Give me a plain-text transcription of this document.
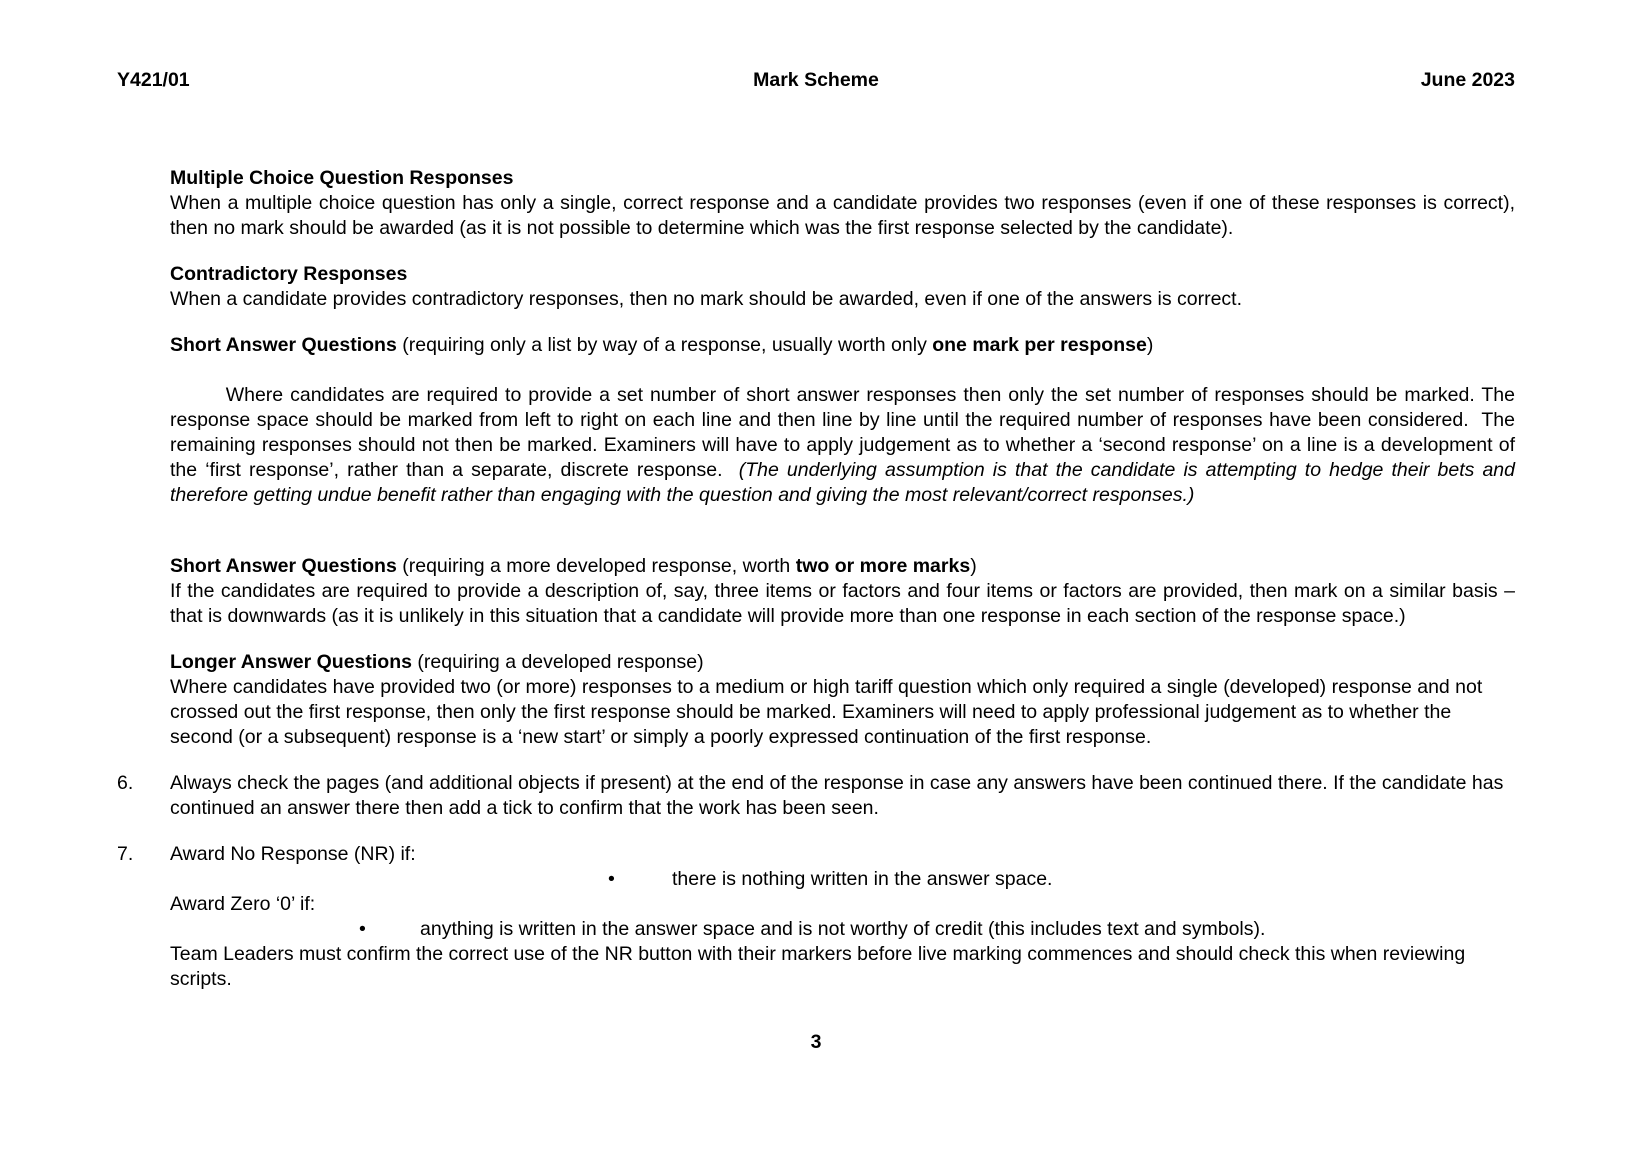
Y421/01	Mark Scheme	June 2023

Multiple Choice Question Responses

When a multiple choice question has only a single, correct response and a candidate provides two responses (even if one of these responses is correct), then no mark should be awarded (as it is not possible to determine which was the first response selected by the candidate).

Contradictory Responses

When a candidate provides contradictory responses, then no mark should be awarded, even if one of the answers is correct.

Short Answer Questions (requiring only a list by way of a response, usually worth only one mark per response)

Where candidates are required to provide a set number of short answer responses then only the set number of responses should be marked. The response space should be marked from left to right on each line and then line by line until the required number of responses have been considered.  The remaining responses should not then be marked. Examiners will have to apply judgement as to whether a ‘second response’ on a line is a development of the ‘first response’, rather than a separate, discrete response.  (The underlying assumption is that the candidate is attempting to hedge their bets and therefore getting undue benefit rather than engaging with the question and giving the most relevant/correct responses.)

Short Answer Questions (requiring a more developed response, worth two or more marks)

If the candidates are required to provide a description of, say, three items or factors and four items or factors are provided, then mark on a similar basis – that is downwards (as it is unlikely in this situation that a candidate will provide more than one response in each section of the response space.)

Longer Answer Questions (requiring a developed response)

Where candidates have provided two (or more) responses to a medium or high tariff question which only required a single (developed) response and not crossed out the first response, then only the first response should be marked. Examiners will need to apply professional judgement as to whether the second (or a subsequent) response is a ‘new start’ or simply a poorly expressed continuation of the first response.

6.	Always check the pages (and additional objects if present) at the end of the response in case any answers have been continued there. If the candidate has continued an answer there then add a tick to confirm that the work has been seen.

7.	Award No Response (NR) if:

•	there is nothing written in the answer space.

Award Zero ‘0’ if:

•	anything is written in the answer space and is not worthy of credit (this includes text and symbols).

Team Leaders must confirm the correct use of the NR button with their markers before live marking commences and should check this when reviewing scripts.

3
